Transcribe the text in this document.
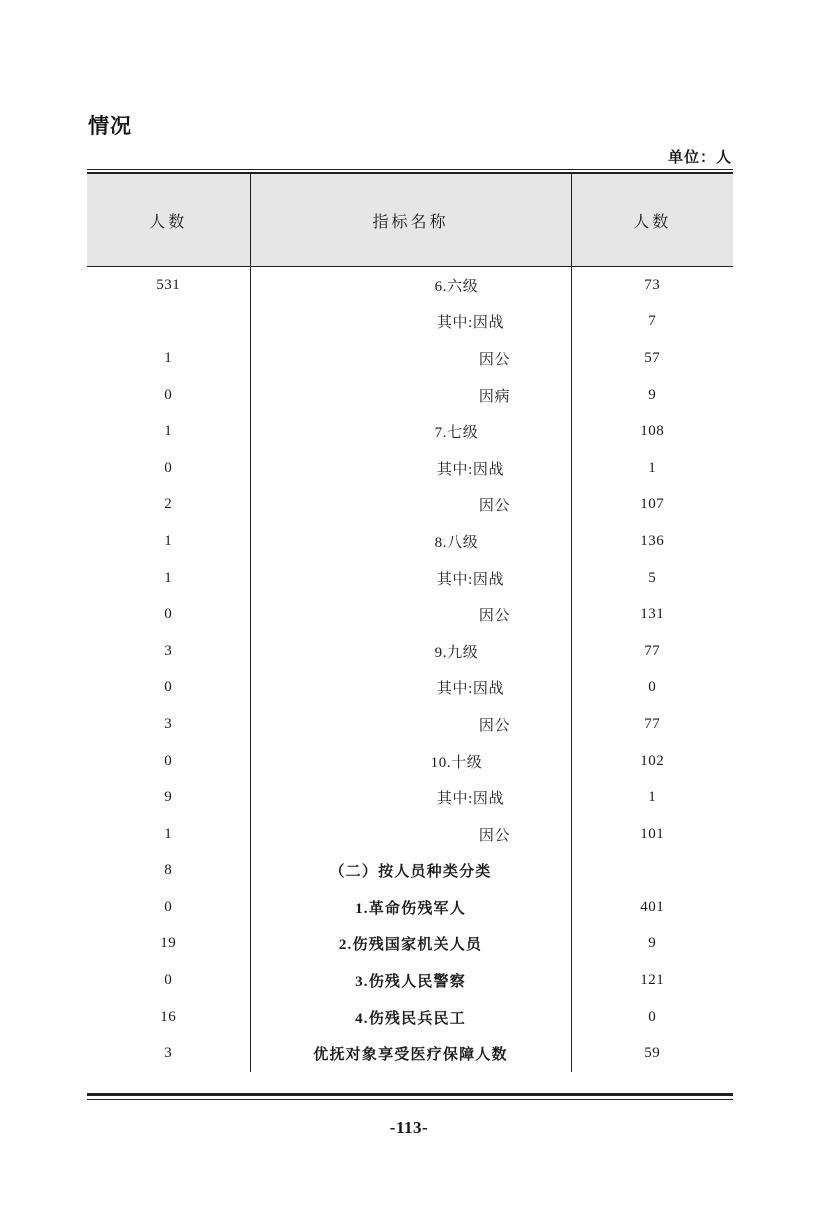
情况
单位：人
人数	指标名称	人数
531	6.六级	73
	其中:因战	7
1	因公	57
0	因病	9
1	7.七级	108
0	其中:因战	1
2	因公	107
1	8.八级	136
1	其中:因战	5
0	因公	131
3	9.九级	77
0	其中:因战	0
3	因公	77
0	10.十级	102
9	其中:因战	1
1	因公	101
8	（二）按人员种类分类	
0	1.革命伤残军人	401
19	2.伤残国家机关人员	9
0	3.伤残人民警察	121
16	4.伤残民兵民工	0
3	优抚对象享受医疗保障人数	59
-113-
